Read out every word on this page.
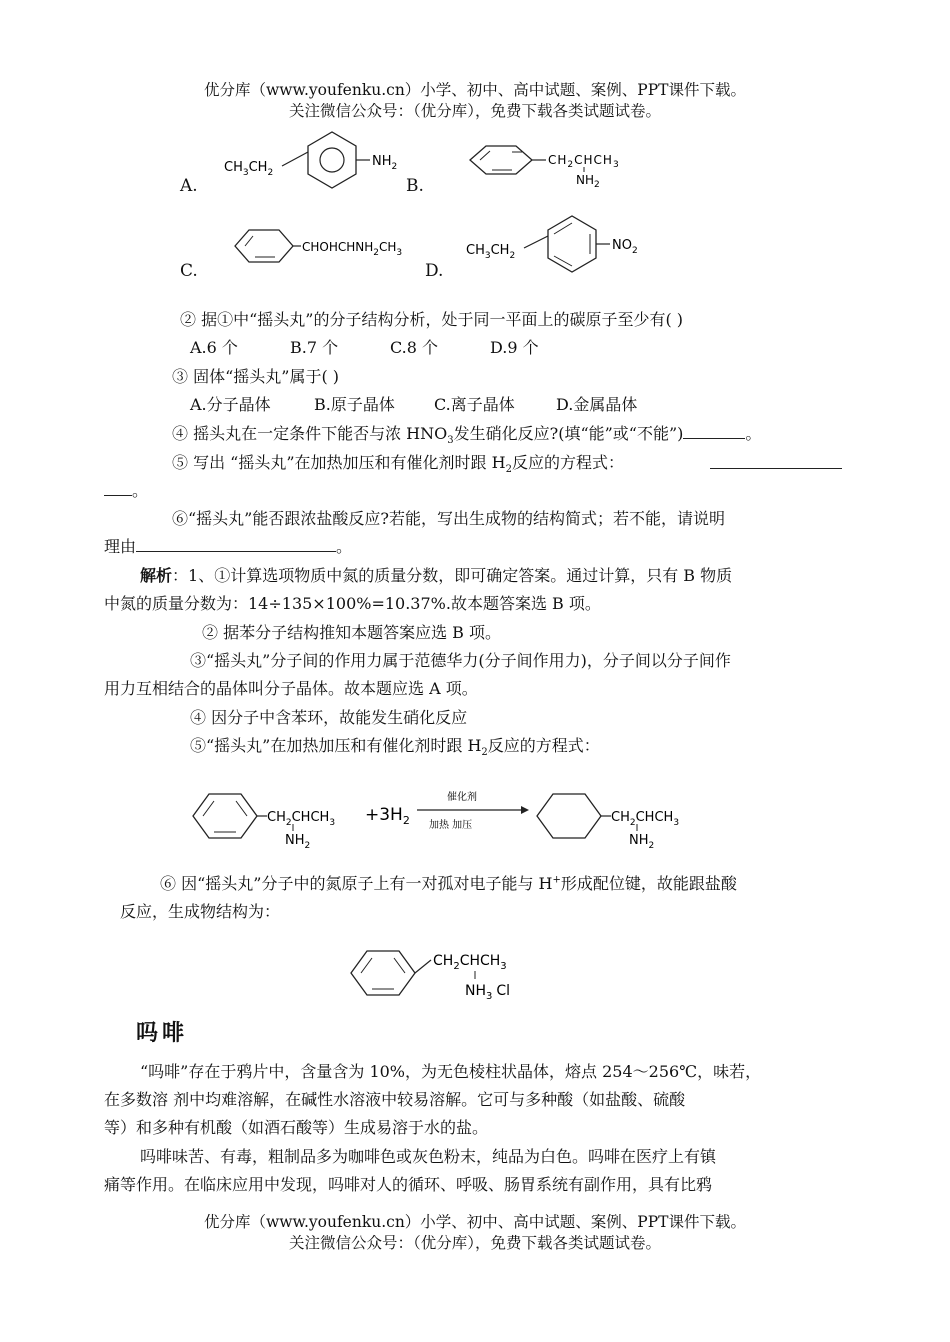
优分库（www.youfenku.cn）小学、初中、高中试题、案例、PPT课件下载。
关注微信公众号：（优分库），免费下载各类试题试卷。
A.
$CH_3CH_2$
$NH_2$
B.
$CH_2CHCH_3$
$NH_2$
C.
$CHOHCHNH_2CH_3$
D.
$CH_3CH_2$
$NO_2$
② 据①中“摇头丸”的分子结构分析，处于同一平面上的碳原子至少有( )
A.6 个	B.7 个	C.8 个	D.9 个
③ 固体“摇头丸”属于( )
A.分子晶体	B.原子晶体 C.离子晶体	D.金属晶体
④ 摇头丸在一定条件下能否与浓 $HNO_3$发生硝化反应?(填“能”或“不能”)	。
⑤ 写出 “摇头丸”在加热加压和有催化剂时跟 $H_2$反应的方程式：
。
⑥“摇头丸”能否跟浓盐酸反应?若能，写出生成物的结构简式；若不能，请说明
理由	。
解析：1、①计算选项物质中氮的质量分数，即可确定答案。通过计算，只有 B 物质
中氮的质量分数为：14÷135×100%=10.37%.故本题答案选 B 项。
② 据苯分子结构推知本题答案应选 B 项。
③“摇头丸”分子间的作用力属于范德华力(分子间作用力)，分子间以分子间作
用力互相结合的晶体叫分子晶体。故本题应选 A 项。
④ 因分子中含苯环，故能发生硝化反应
⑤“摇头丸”在加热加压和有催化剂时跟 $H_2$反应的方程式：
$CH_2CHCH_3$
$NH_2$
$+3H_2$
催化剂
加热 加压
$CH_2CHCH_3$
$NH_2$
⑥ 因“摇头丸”分子中的氮原子上有一对孤对电子能与 H+形成配位键，故能跟盐酸
反应，生成物结构为：
$CH_2CHCH_3$
$NH_3$ Cl
吗啡
“吗啡”存在于鸦片中，含量含为 10%，为无色棱柱状晶体，熔点 254～256℃，味若，
在多数溶 剂中均难溶解，在碱性水溶液中较易溶解。它可与多种酸（如盐酸、硫酸
等）和多种有机酸（如酒石酸等）生成易溶于水的盐。
吗啡味苦、有毒，粗制品多为咖啡色或灰色粉末，纯品为白色。吗啡在医疗上有镇
痛等作用。在临床应用中发现，吗啡对人的循环、呼吸、肠胃系统有副作用，具有比鸦
优分库（www.youfenku.cn）小学、初中、高中试题、案例、PPT课件下载。
关注微信公众号：（优分库），免费下载各类试题试卷。
